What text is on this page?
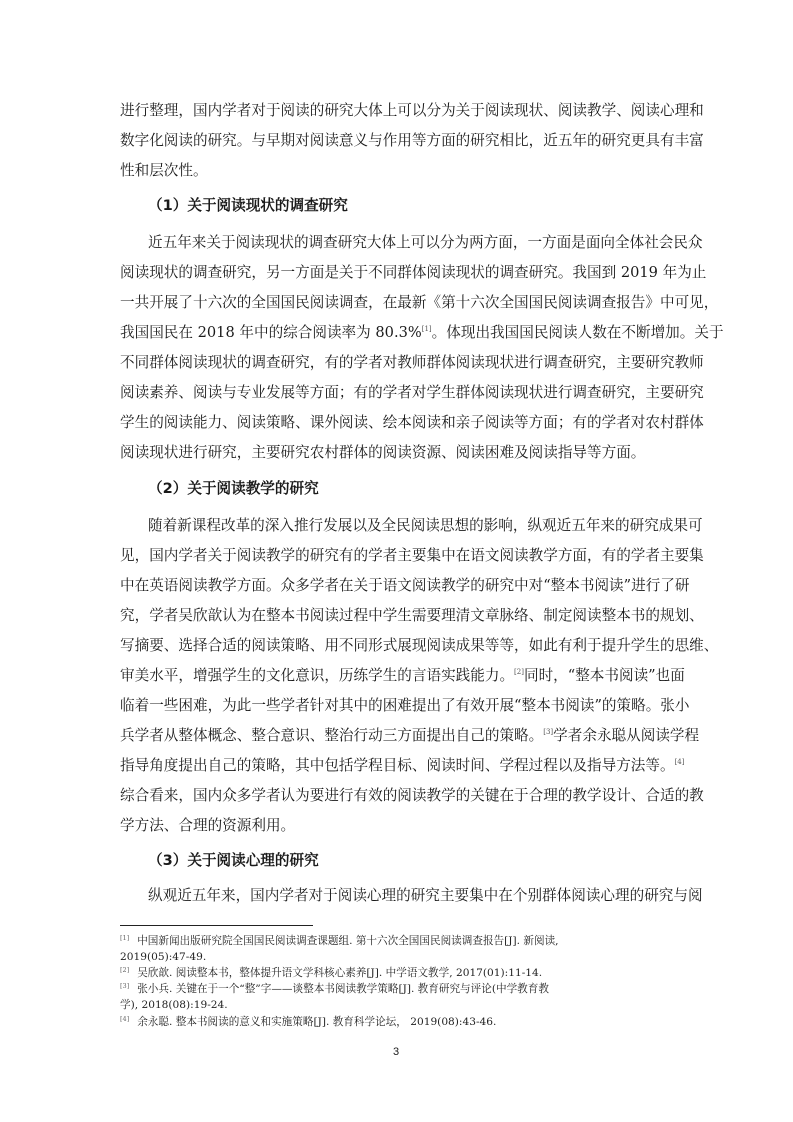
进行整理，国内学者对于阅读的研究大体上可以分为关于阅读现状、阅读教学、阅读心理和
数字化阅读的研究。与早期对阅读意义与作用等方面的研究相比，近五年的研究更具有丰富
性和层次性。
（1）关于阅读现状的调查研究
近五年来关于阅读现状的调查研究大体上可以分为两方面，一方面是面向全体社会民众
阅读现状的调查研究，另一方面是关于不同群体阅读现状的调查研究。我国到 2019 年为止
一共开展了十六次的全国国民阅读调查，在最新《第十六次全国国民阅读调查报告》中可见，
我国国民在 2018 年中的综合阅读率为 80.3%[1]。体现出我国国民阅读人数在不断增加。关于
不同群体阅读现状的调查研究，有的学者对教师群体阅读现状进行调查研究，主要研究教师
阅读素养、阅读与专业发展等方面；有的学者对学生群体阅读现状进行调查研究，主要研究
学生的阅读能力、阅读策略、课外阅读、绘本阅读和亲子阅读等方面；有的学者对农村群体
阅读现状进行研究，主要研究农村群体的阅读资源、阅读困难及阅读指导等方面。
（2）关于阅读教学的研究
随着新课程改革的深入推行发展以及全民阅读思想的影响，纵观近五年来的研究成果可
见，国内学者关于阅读教学的研究有的学者主要集中在语文阅读教学方面，有的学者主要集
中在英语阅读教学方面。众多学者在关于语文阅读教学的研究中对“整本书阅读”进行了研
究，学者吴欣歆认为在整本书阅读过程中学生需要理清文章脉络、制定阅读整本书的规划、
写摘要、选择合适的阅读策略、用不同形式展现阅读成果等等，如此有利于提升学生的思维、
审美水平，增强学生的文化意识，历练学生的言语实践能力。[2]同时，“整本书阅读”也面
临着一些困难，为此一些学者针对其中的困难提出了有效开展“整本书阅读”的策略。张小
兵学者从整体概念、整合意识、整治行动三方面提出自己的策略。[3]学者余永聪从阅读学程
指导角度提出自己的策略，其中包括学程目标、阅读时间、学程过程以及指导方法等。[4]
综合看来，国内众多学者认为要进行有效的阅读教学的关键在于合理的教学设计、合适的教
学方法、合理的资源利用。
（3）关于阅读心理的研究
纵观近五年来，国内学者对于阅读心理的研究主要集中在个别群体阅读心理的研究与阅
[1] 中国新闻出版研究院全国国民阅读调查课题组. 第十六次全国国民阅读调查报告[J]. 新阅读,
2019(05):47-49.
[2] 吴欣歆. 阅读整本书，整体提升语文学科核心素养[J]. 中学语文教学, 2017(01):11-14.
[3] 张小兵. 关键在于一个“整”字——谈整本书阅读教学策略[J]. 教育研究与评论(中学教育教
学), 2018(08):19-24.
[4] 余永聪. 整本书阅读的意义和实施策略[J]. 教育科学论坛， 2019(08):43-46.
3
